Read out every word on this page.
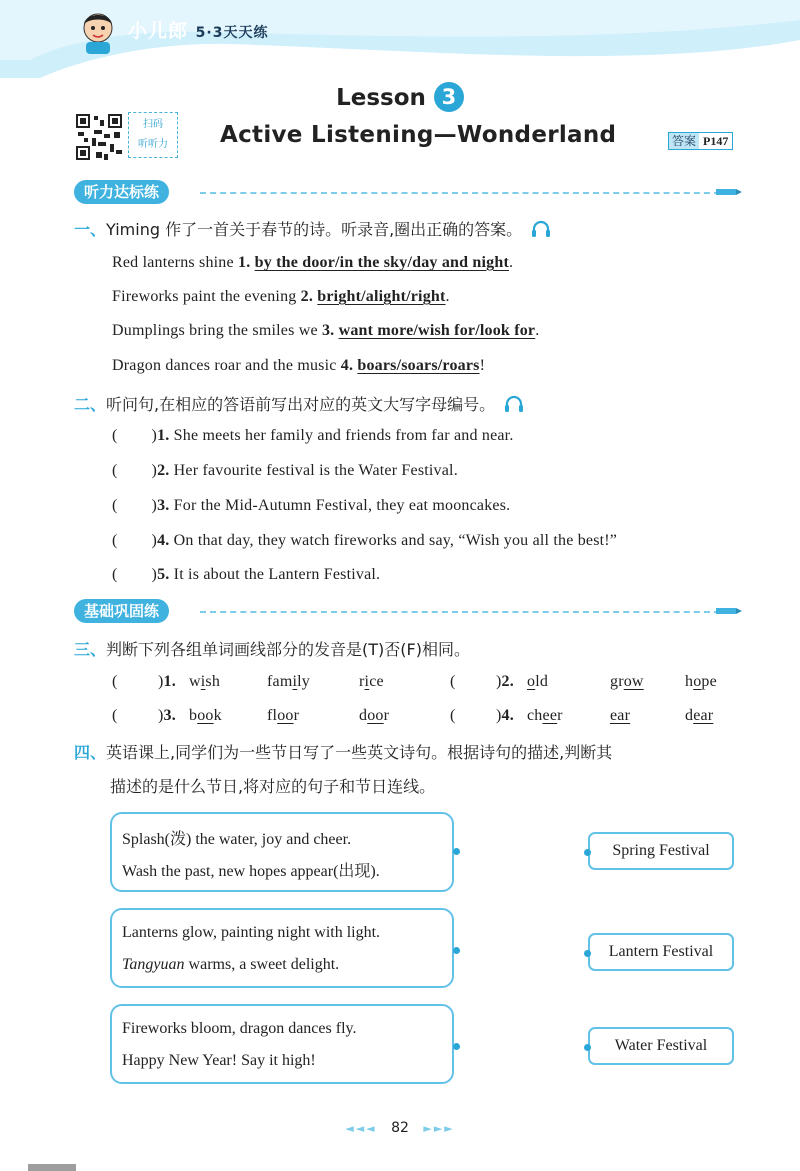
小儿郎 5·3天天练
扫码
听听力
Lesson 3
Active Listening—Wonderland	答案 P147
听力达标练
一、Yiming 作了一首关于春节的诗。听录音,圈出正确的答案。
Red lanterns shine 1. by the door/in the sky/day and night.
Fireworks paint the evening 2. bright/alight/right.
Dumplings bring the smiles we 3. want more/wish for/look for.
Dragon dances roar and the music 4. boars/soars/roars!
二、听问句,在相应的答语前写出对应的英文大写字母编号。
( )1. She meets her family and friends from far and near.
( )2. Her favourite festival is the Water Festival.
( )3. For the Mid-Autumn Festival, they eat mooncakes.
( )4. On that day, they watch fireworks and say, “Wish you all the best!”
( )5. It is about the Lantern Festival.
基础巩固练
三、判断下列各组单词画线部分的发音是(T)否(F)相同。
(	)1. wish	family	rice	(	)2. old	grow	hope
(	)3. book	floor	door	(	)4. cheer	ear	dear
四、英语课上,同学们为一些节日写了一些英文诗句。根据诗句的描述,判断其
描述的是什么节日,将对应的句子和节日连线。
Splash(泼) the water, joy and cheer.
Wash the past, new hopes appear(出现).
Lanterns glow, painting night with light.
Tangyuan warms, a sweet delight.
Fireworks bloom, dragon dances fly.
Happy New Year! Say it high!
Spring Festival
Lantern Festival
Water Festival
◄◄◄ 82 ►►►
